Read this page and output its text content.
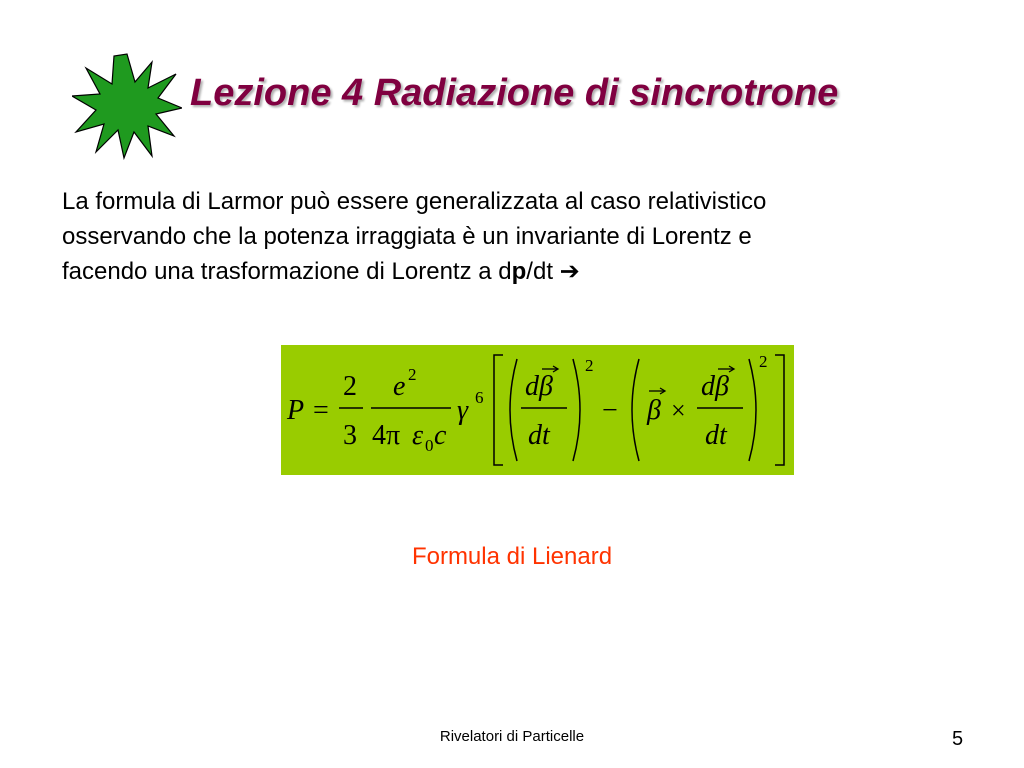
Lezione 4 Radiazione di sincrotrone
La formula di Larmor può essere generalizzata al caso relativistico
osservando che la potenza irraggiata è un invariante di Lorentz e
facendo una trasformazione di Lorentz a dp/dt ➔
P =
2
3
e 2
4π ε 0 c
γ 6 dβ
dt
2
− β ×
dβ
dt
2
Formula di Lienard
Rivelatori di Particelle	5
